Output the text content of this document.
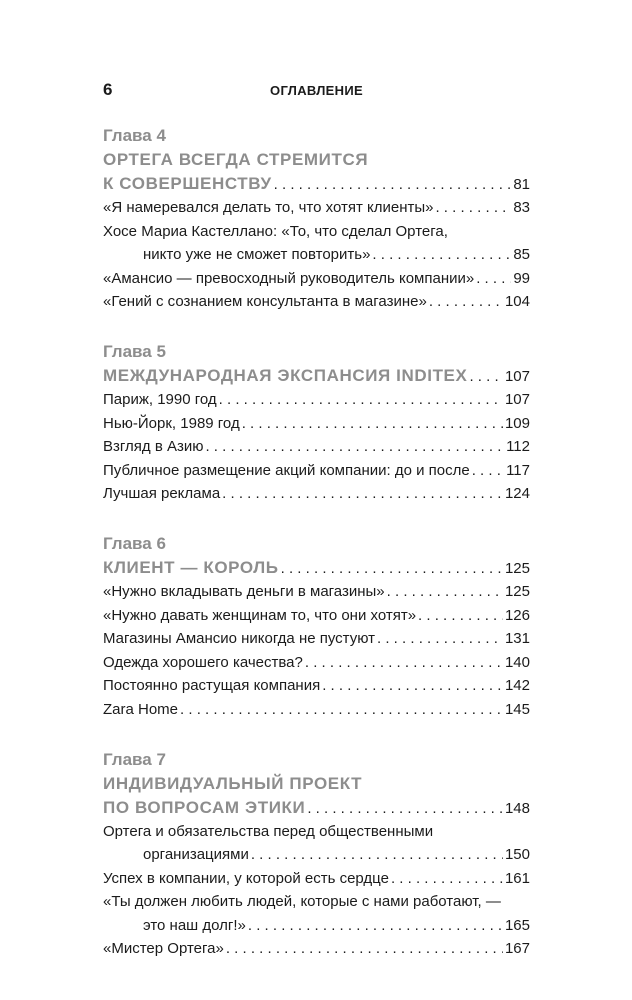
6	ОГЛАВЛЕНИЕ
Глава 4
ОРТЕГА ВСЕГДА СТРЕМИТСЯ
К СОВЕРШЕНСТВУ . . .	81
«Я намеревался делать то, что хотят клиенты» . . .	83
Хосе Мариа Кастеллано: «То, что сделал Ортега,
никто уже не сможет повторить» . . .	85
«Амансио — превосходный руководитель компании» . . .	99
«Гений с сознанием консультанта в магазине» . . .	104
Глава 5
МЕЖДУНАРОДНАЯ ЭКСПАНСИЯ INDITEX . . .	107
Париж, 1990 год . . .	107
Нью-Йорк, 1989 год . . .	109
Взгляд в Азию . . .	112
Публичное размещение акций компании: до и после . . . 117
Лучшая реклама . . .	124
Глава 6
КЛИЕНТ — КОРОЛЬ . . .	125
«Нужно вкладывать деньги в магазины» . . .	125
«Нужно давать женщинам то, что они хотят» . . .	126
Магазины Амансио никогда не пустуют . . .	131
Одежда хорошего качества? . . .	140
Постоянно растущая компания . . .	142
Zara Home . . .	145
Глава 7
ИНДИВИДУАЛЬНЫЙ ПРОЕКТ
ПО ВОПРОСАМ ЭТИКИ . . .	148
Ортега и обязательства перед общественными
организациями . . .	150
Успех в компании, у которой есть сердце . . .	161
«Ты должен любить людей, которые с нами работают, —
это наш долг!» . . .	165
«Мистер Ортега» . . .	167
